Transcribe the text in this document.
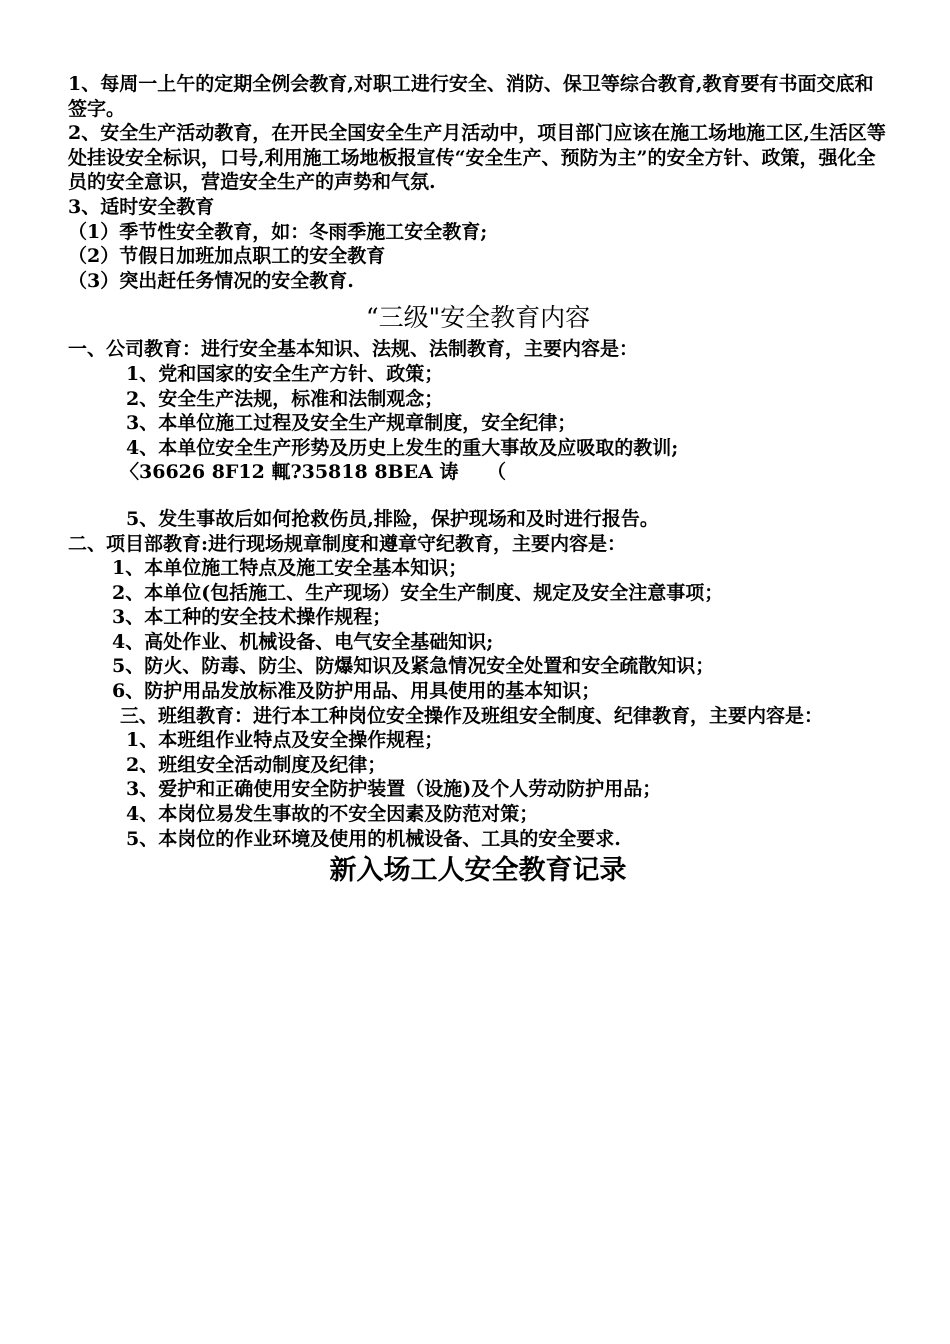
1、每周一上午的定期全例会教育,对职工进行安全、消防、保卫等综合教育,教育要有书面交底和签字。
2、安全生产活动教育，在开民全国安全生产月活动中，项目部门应该在施工场地施工区,生活区等处挂设安全标识，口号,利用施工场地板报宣传“安全生产、预防为主”的安全方针、政策，强化全员的安全意识，营造安全生产的声势和气氛.
3、适时安全教育
（1）季节性安全教育，如：冬雨季施工安全教育;
（2）节假日加班加点职工的安全教育
（3）突出赶任务情况的安全教育.
“三级"安全教育内容
一、公司教育：进行安全基本知识、法规、法制教育，主要内容是：
1、党和国家的安全生产方针、政策；
2、安全生产法规，标准和法制观念；
3、本单位施工过程及安全生产规章制度，安全纪律；
4、本单位安全生产形势及历史上发生的重大事故及应吸取的教训;
〈36626 8F12 輒?35818 8BEA 诪　　（
5、发生事故后如何抢救伤员,排险，保护现场和及时进行报告。
二、项目部教育:进行现场规章制度和遵章守纪教育，主要内容是：
1、本单位施工特点及施工安全基本知识；
2、本单位(包括施工、生产现场）安全生产制度、规定及安全注意事项；
3、本工种的安全技术操作规程；
4、高处作业、机械设备、电气安全基础知识;
5、防火、防毒、防尘、防爆知识及紧急情况安全处置和安全疏散知识；
6、防护用品发放标准及防护用品、用具使用的基本知识；
三、班组教育：进行本工种岗位安全操作及班组安全制度、纪律教育，主要内容是：
1、本班组作业特点及安全操作规程；
2、班组安全活动制度及纪律；
3、爱护和正确使用安全防护装置（设施)及个人劳动防护用品；
4、本岗位易发生事故的不安全因素及防范对策；
5、本岗位的作业环境及使用的机械设备、工具的安全要求.
新入场工人安全教育记录
